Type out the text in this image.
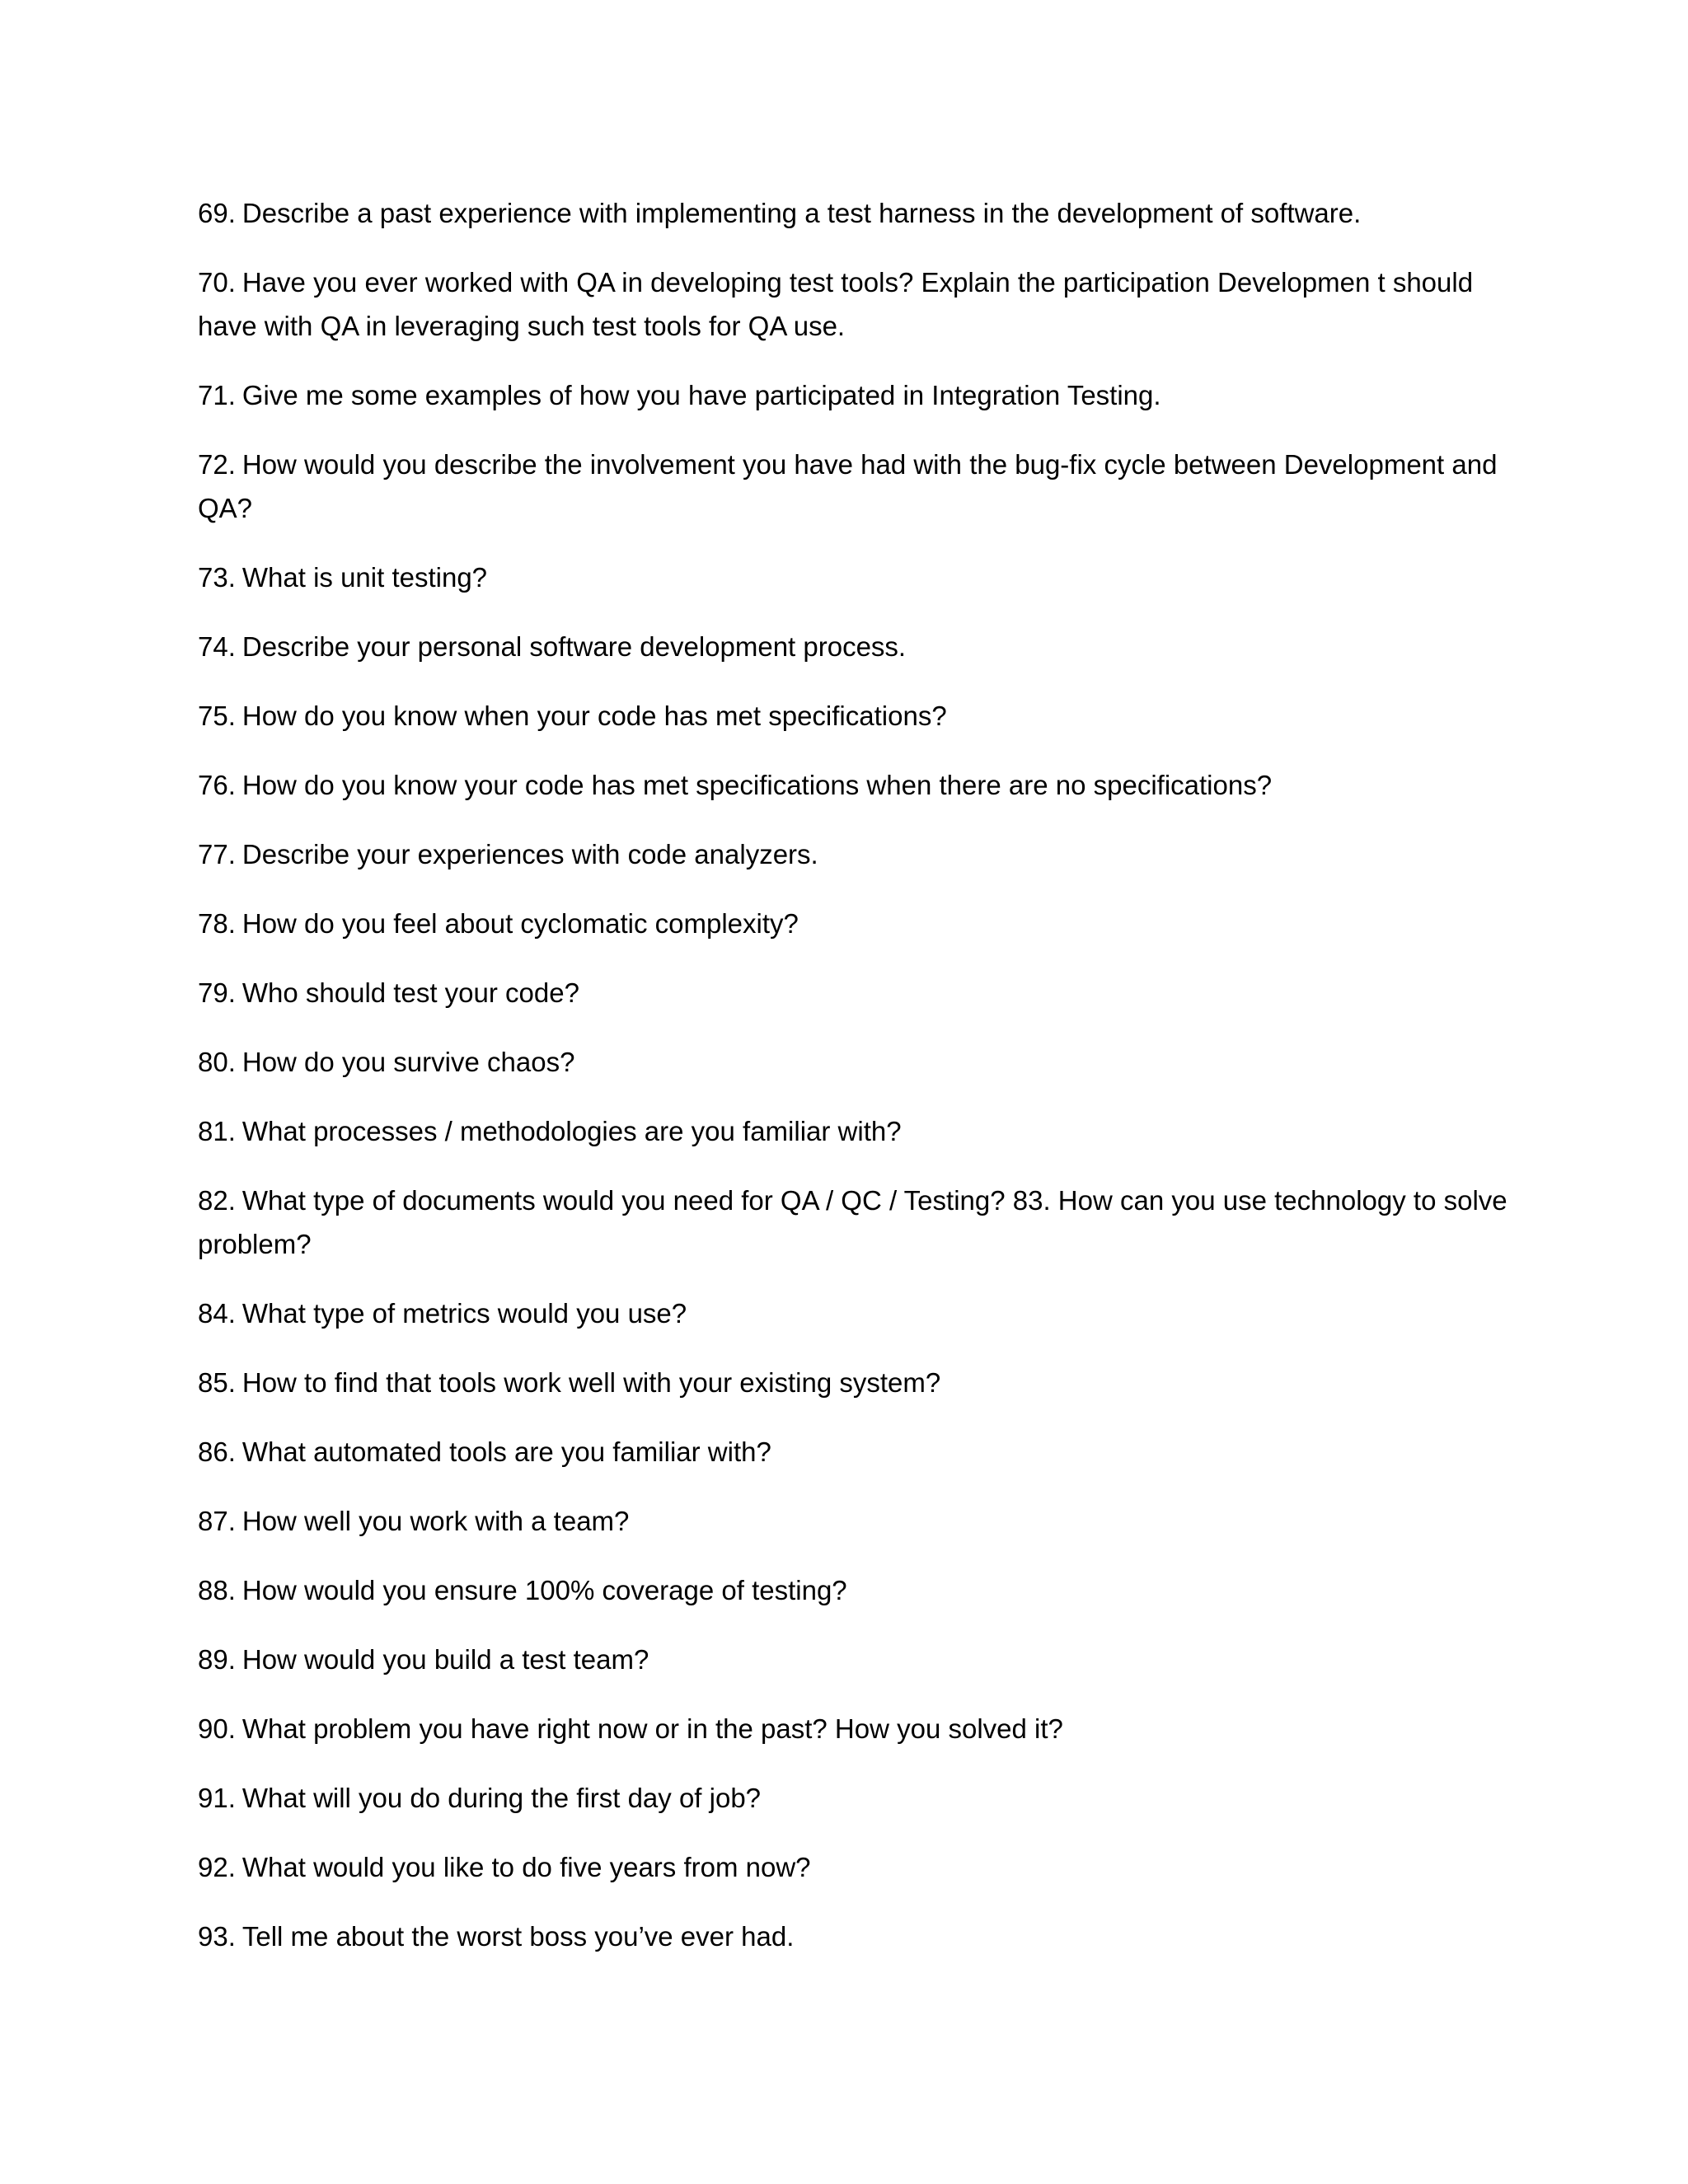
69. Describe a past experience with implementing a test harness in the development of software.
70. Have you ever worked with QA in developing test tools? Explain the participation Developmen t should have with QA in leveraging such test tools for QA use.
71. Give me some examples of how you have participated in Integration Testing.
72. How would you describe the involvement you have had with the bug-fix cycle between Development and QA?
73. What is unit testing?
74. Describe your personal software development process.
75. How do you know when your code has met specifications?
76. How do you know your code has met specifications when there are no specifications?
77. Describe your experiences with code analyzers.
78. How do you feel about cyclomatic complexity?
79. Who should test your code?
80. How do you survive chaos?
81. What processes / methodologies are you familiar with?
82. What type of documents would you need for QA / QC / Testing? 83. How can you use technology to solve problem?
84. What type of metrics would you use?
85. How to find that tools work well with your existing system?
86. What automated tools are you familiar with?
87. How well you work with a team?
88. How would you ensure 100% coverage of testing?
89. How would you build a test team?
90. What problem you have right now or in the past? How you solved it?
91. What will you do during the first day of job?
92. What would you like to do five years from now?
93. Tell me about the worst boss you’ve ever had.
